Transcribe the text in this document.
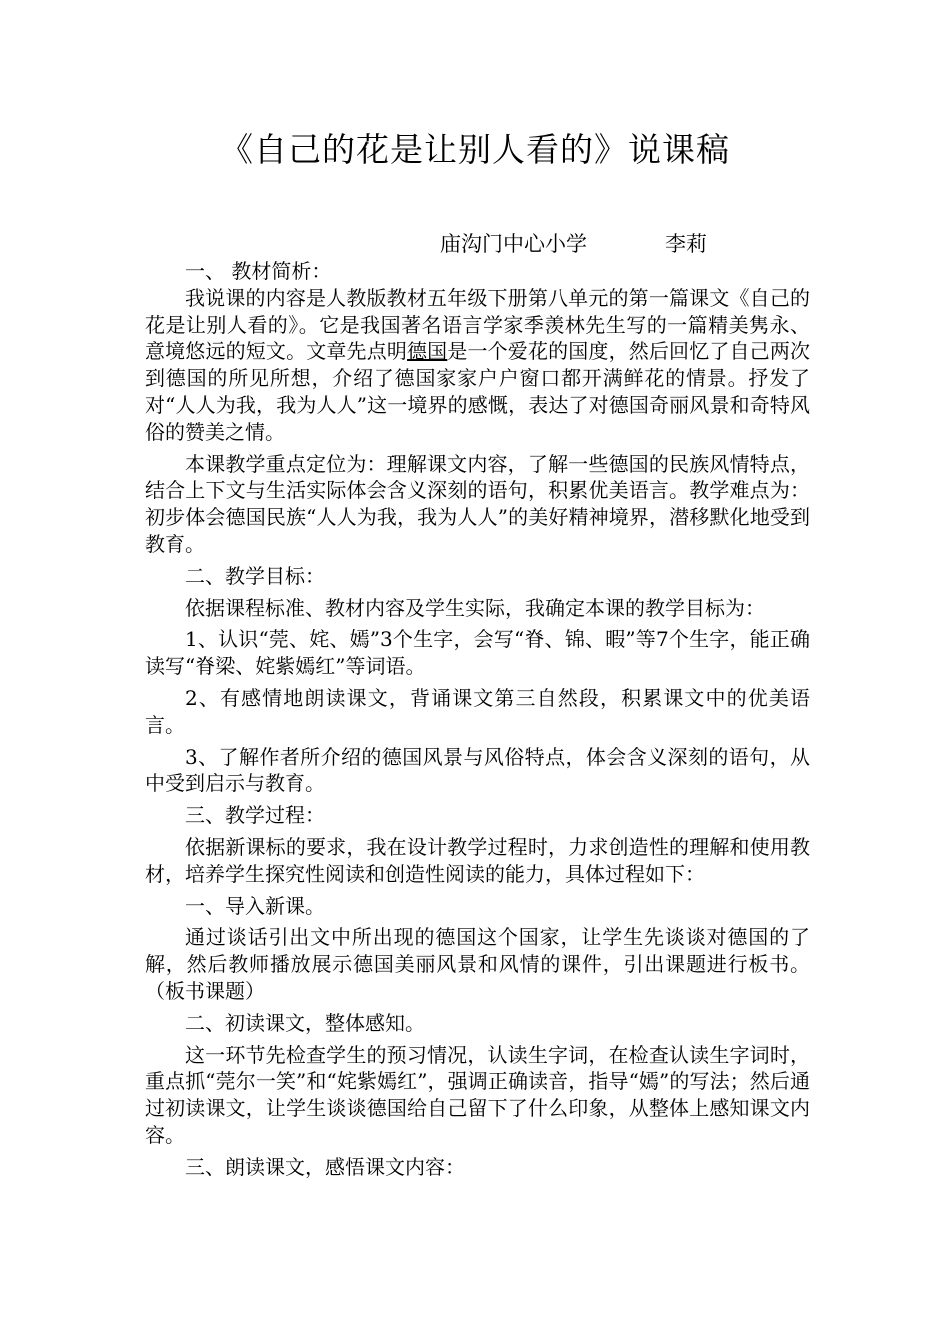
《自己的花是让别人看的》说课稿
庙沟门中心小学	李莉

一、 教材简析：

我说课的内容是人教版教材五年级下册第八单元的第一篇课文《自己的花是让别人看的》。它是我国著名语言学家季羡林先生写的一篇精美隽永、意境悠远的短文。文章先点明德国是一个爱花的国度，然后回忆了自己两次到德国的所见所想，介绍了德国家家户户窗口都开满鲜花的情景。抒发了对“人人为我，我为人人”这一境界的感慨，表达了对德国奇丽风景和奇特风俗的赞美之情。

本课教学重点定位为：理解课文内容，了解一些德国的民族风情特点，结合上下文与生活实际体会含义深刻的语句，积累优美语言。教学难点为：初步体会德国民族“人人为我，我为人人”的美好精神境界，潜移默化地受到教育。

二、教学目标：

依据课程标准、教材内容及学生实际，我确定本课的教学目标为：

1、认识“莞、姹、嫣”3个生字，会写“脊、锦、暇”等7个生字，能正确读写“脊梁、姹紫嫣红”等词语。

2、有感情地朗读课文，背诵课文第三自然段，积累课文中的优美语言。

3、了解作者所介绍的德国风景与风俗特点，体会含义深刻的语句，从中受到启示与教育。

三、教学过程：

依据新课标的要求，我在设计教学过程时，力求创造性的理解和使用教材，培养学生探究性阅读和创造性阅读的能力，具体过程如下：

一、导入新课。

通过谈话引出文中所出现的德国这个国家，让学生先谈谈对德国的了解，然后教师播放展示德国美丽风景和风情的课件，引出课题进行板书。（板书课题）

二、初读课文，整体感知。

这一环节先检查学生的预习情况，认读生字词，在检查认读生字词时，重点抓“莞尔一笑”和“姹紫嫣红”，强调正确读音，指导“嫣”的写法；然后通过初读课文，让学生谈谈德国给自己留下了什么印象，从整体上感知课文内容。

三、朗读课文，感悟课文内容：
